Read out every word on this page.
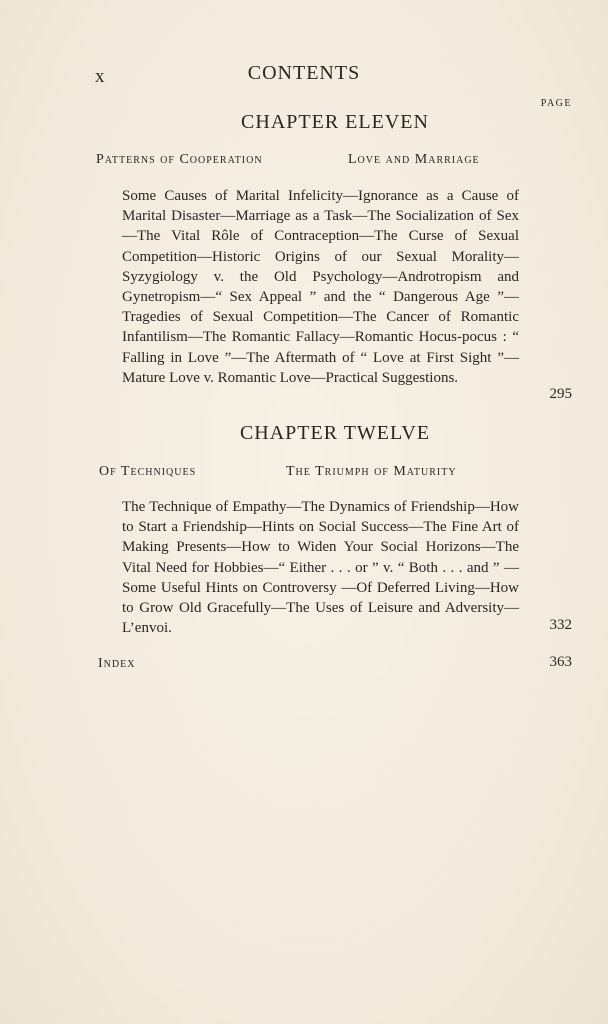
x	CONTENTS
PAGE
CHAPTER ELEVEN
Patterns of Cooperation	Love and Marriage
Some Causes of Marital Infelicity—Ignorance as a Cause of Marital Disaster—Marriage as a Task—The Socialization of Sex—The Vital Rôle of Contraception—The Curse of Sexual Competition—Historic Origins of our Sexual Morality—Syzygiology v. the Old Psychology—Androtropism and Gynetropism—“ Sex Appeal ” and the “ Dangerous Age ”—Tragedies of Sexual Competition—The Cancer of Romantic Infantilism—The Romantic Fallacy—Romantic Hocus-pocus : “ Falling in Love ”—The Aftermath of “ Love at First Sight ”—Mature Love v. Romantic Love—Practical Suggestions.
295
CHAPTER TWELVE
Of Techniques	The Triumph of Maturity
The Technique of Empathy—The Dynamics of Friendship—How to Start a Friendship—Hints on Social Success—The Fine Art of Making Presents—How to Widen Your Social Horizons—The Vital Need for Hobbies—“ Either . . . or ” v. “ Both . . . and ” —Some Useful Hints on Controversy —Of Deferred Living—How to Grow Old Gracefully—The Uses of Leisure and Adversity—L’envoi.	332
Index	363
